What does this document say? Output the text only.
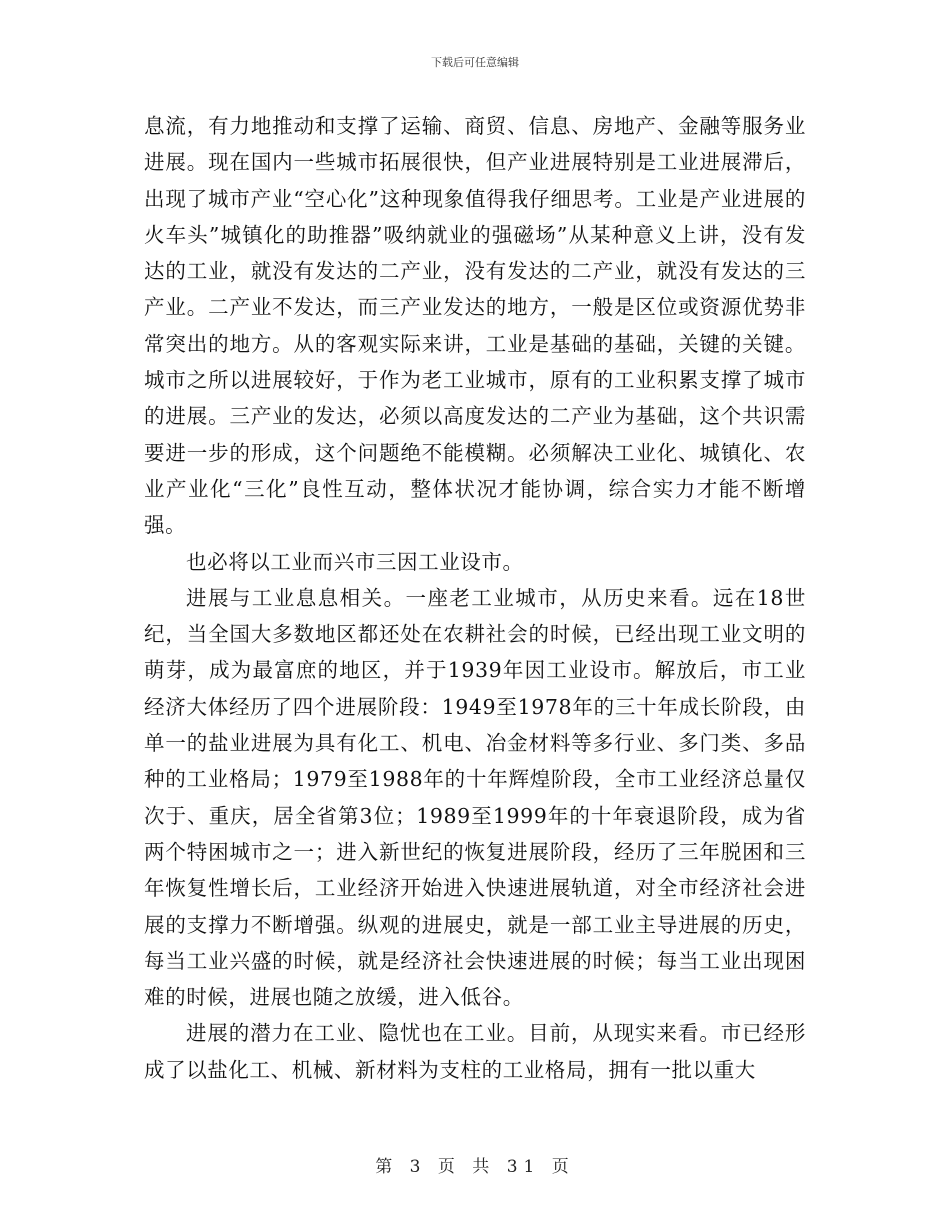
下载后可任意编辑

息流，有力地推动和支撑了运输、商贸、信息、房地产、金融等服务业进展。现在国内一些城市拓展很快，但产业进展特别是工业进展滞后，出现了城市产业“空心化”这种现象值得我仔细思考。工业是产业进展的火车头”城镇化的助推器”吸纳就业的强磁场”从某种意义上讲，没有发达的工业，就没有发达的二产业，没有发达的二产业，就没有发达的三产业。二产业不发达，而三产业发达的地方，一般是区位或资源优势非常突出的地方。从的客观实际来讲，工业是基础的基础，关键的关键。城市之所以进展较好，于作为老工业城市，原有的工业积累支撑了城市的进展。三产业的发达，必须以高度发达的二产业为基础，这个共识需要进一步的形成，这个问题绝不能模糊。必须解决工业化、城镇化、农业产业化“三化”良性互动，整体状况才能协调，综合实力才能不断增强。

也必将以工业而兴市三因工业设市。

进展与工业息息相关。一座老工业城市，从历史来看。远在18世纪，当全国大多数地区都还处在农耕社会的时候，已经出现工业文明的萌芽，成为最富庶的地区，并于1939年因工业设市。解放后，市工业经济大体经历了四个进展阶段：1949至1978年的三十年成长阶段，由单一的盐业进展为具有化工、机电、冶金材料等多行业、多门类、多品种的工业格局；1979至1988年的十年辉煌阶段，全市工业经济总量仅次于、重庆，居全省第3位；1989至1999年的十年衰退阶段，成为省两个特困城市之一；进入新世纪的恢复进展阶段，经历了三年脱困和三年恢复性增长后，工业经济开始进入快速进展轨道，对全市经济社会进展的支撑力不断增强。纵观的进展史，就是一部工业主导进展的历史，每当工业兴盛的时候，就是经济社会快速进展的时候；每当工业出现困难的时候，进展也随之放缓，进入低谷。

进展的潜力在工业、隐忧也在工业。目前，从现实来看。市已经形成了以盐化工、机械、新材料为支柱的工业格局，拥有一批以重大

第 3 页 共 31 页
